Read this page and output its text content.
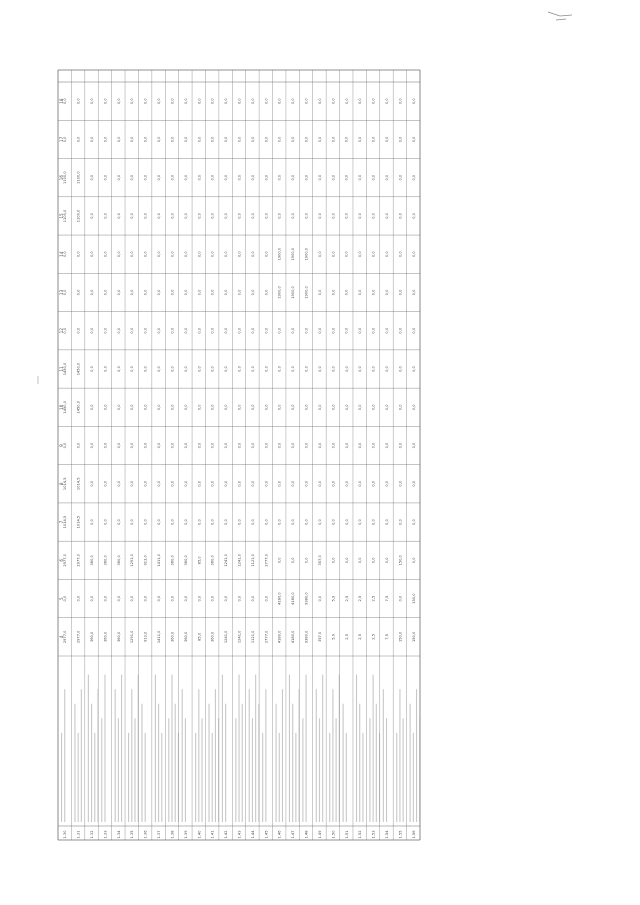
4
5
6
7
8
9
10
11
12
13
14
15
16
17
18
2977,0
0,0
2977,0
1014,5
1014,5
0,0
1450,0
1450,0
0,0
0,0
0,0
1100,0
1100,0
0,0
0,0
1.30
2977,0
0,0
2977,0
1014,5
1014,5
0,0
1450,0
1450,0
0,0
0,0
0,0
1100,0
1100,0
0,0
0,0
1.31
360,0
0,0
360,0
0,0
0,0
0,0
0,0
0,0
0,0
0,0
0,0
0,0
0,0
0,0
0,0
1.32
360,0
0,0
360,0
0,0
0,0
0,0
0,0
0,0
0,0
0,0
0,0
0,0
0,0
0,0
0,0
1.33
360,0
0,0
360,0
0,0
0,0
0,0
0,0
0,0
0,0
0,0
0,0
0,0
0,0
0,0
0,0
1.34
1291,0
0,0
1291,0
0,0
0,0
0,0
0,0
0,0
0,0
0,0
0,0
0,0
0,0
0,0
0,0
1.35
913,0
0,0
913,0
0,0
0,0
0,0
0,0
0,0
0,0
0,0
0,0
0,0
0,0
0,0
0,0
1.36
1411,0
0,0
1411,0
0,0
0,0
0,0
0,0
0,0
0,0
0,0
0,0
0,0
0,0
0,0
0,0
1.37
360,0
0,0
360,0
0,0
0,0
0,0
0,0
0,0
0,0
0,0
0,0
0,0
0,0
0,0
0,0
1.38
360,0
0,0
360,0
0,0
0,0
0,0
0,0
0,0
0,0
0,0
0,0
0,0
0,0
0,0
0,0
1.39
85,0
0,0
85,0
0,0
0,0
0,0
0,0
0,0
0,0
0,0
0,0
0,0
0,0
0,0
0,0
1.40
360,0
0,0
360,0
0,0
0,0
0,0
0,0
0,0
0,0
0,0
0,0
0,0
0,0
0,0
0,0
1.41
1241,0
0,0
1241,0
0,0
0,0
0,0
0,0
0,0
0,0
0,0
0,0
0,0
0,0
0,0
0,0
1.42
1241,0
0,0
1241,0
0,0
0,0
0,0
0,0
0,0
0,0
0,0
0,0
0,0
0,0
0,0
0,0
1.43
1121,0
0,0
1121,0
0,0
0,0
0,0
0,0
0,0
0,0
0,0
0,0
0,0
0,0
0,0
0,0
1.44
2777,0
0,0
2777,0
0,0
0,0
0,0
0,0
0,0
0,0
0,0
0,0
0,0
0,0
0,0
0,0
1.45
4180,0
4180,0
0,0
0,0
0,0
0,0
0,0
0,0
0,0
1900,0
1900,0
0,0
0,0
0,0
0,0
1.46
4180,0
4180,0
0,0
0,0
0,0
0,0
0,0
0,0
0,0
1900,0
1900,0
0,0
0,0
0,0
0,0
1.47
9380,0
9380,0
0,0
0,0
0,0
0,0
0,0
0,0
0,0
1900,0
1900,0
0,0
0,0
0,0
0,0
1.48
357,0
0,0
357,0
0,0
0,0
0,0
0,0
0,0
0,0
0,0
0,0
0,0
0,0
0,0
0,0
1.49
5,9
5,9
0,0
0,0
0,0
0,0
0,0
0,0
0,0
0,0
0,0
0,0
0,0
0,0
0,0
1.50
2,5
2,5
0,0
0,0
0,0
0,0
0,0
0,0
0,0
0,0
0,0
0,0
0,0
0,0
0,0
1.51
2,5
2,5
0,0
0,0
0,0
0,0
0,0
0,0
0,0
0,0
0,0
0,0
0,0
0,0
0,0
1.52
2,5
2,5
0,0
0,0
0,0
0,0
0,0
0,0
0,0
0,0
0,0
0,0
0,0
0,0
0,0
1.53
7,5
7,5
0,0
0,0
0,0
0,0
0,0
0,0
0,0
0,0
0,0
0,0
0,0
0,0
0,0
1.54
150,0
0,0
150,0
0,0
0,0
0,0
0,0
0,0
0,0
0,0
0,0
0,0
0,0
0,0
0,0
1.55
150,0
150,0
0,0
0,0
0,0
0,0
0,0
0,0
0,0
0,0
0,0
0,0
0,0
0,0
0,0
1.56
